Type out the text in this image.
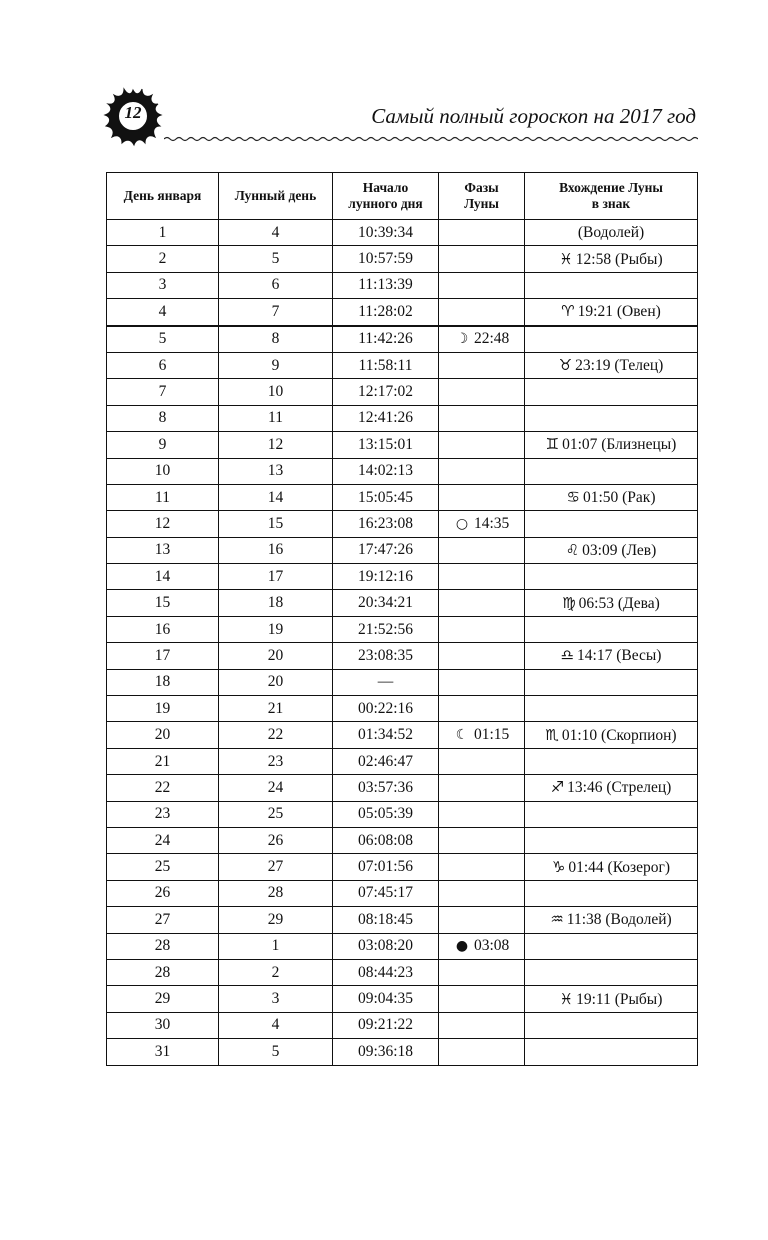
12	Самый полный гороскоп на 2017 год
День января	Лунный день	Начало лунного дня	Фазы Луны	Вхождение Луны в знак
1	4	10:39:34		(Водолей)
2	5	10:57:59		♓ 12:58 (Рыбы)
3	6	11:13:39		
4	7	11:28:02		♈ 19:21 (Овен)
5	8	11:42:26	☽ 22:48	
6	9	11:58:11		♉ 23:19 (Телец)
7	10	12:17:02		
8	11	12:41:26		
9	12	13:15:01		♊ 01:07 (Близнецы)
10	13	14:02:13		
11	14	15:05:45		♋ 01:50 (Рак)
12	15	16:23:08	○ 14:35	
13	16	17:47:26		♌ 03:09 (Лев)
14	17	19:12:16		
15	18	20:34:21		♍ 06:53 (Дева)
16	19	21:52:56		
17	20	23:08:35		♎ 14:17 (Весы)
18	20	—		
19	21	00:22:16		
20	22	01:34:52	☾ 01:15	♏ 01:10 (Скорпион)
21	23	02:46:47		
22	24	03:57:36		♐ 13:46 (Стрелец)
23	25	05:05:39		
24	26	06:08:08		
25	27	07:01:56		♑ 01:44 (Козерог)
26	28	07:45:17		
27	29	08:18:45		♒ 11:38 (Водолей)
28	1	03:08:20	● 03:08	
28	2	08:44:23		
29	3	09:04:35		♓ 19:11 (Рыбы)
30	4	09:21:22		
31	5	09:36:18		
